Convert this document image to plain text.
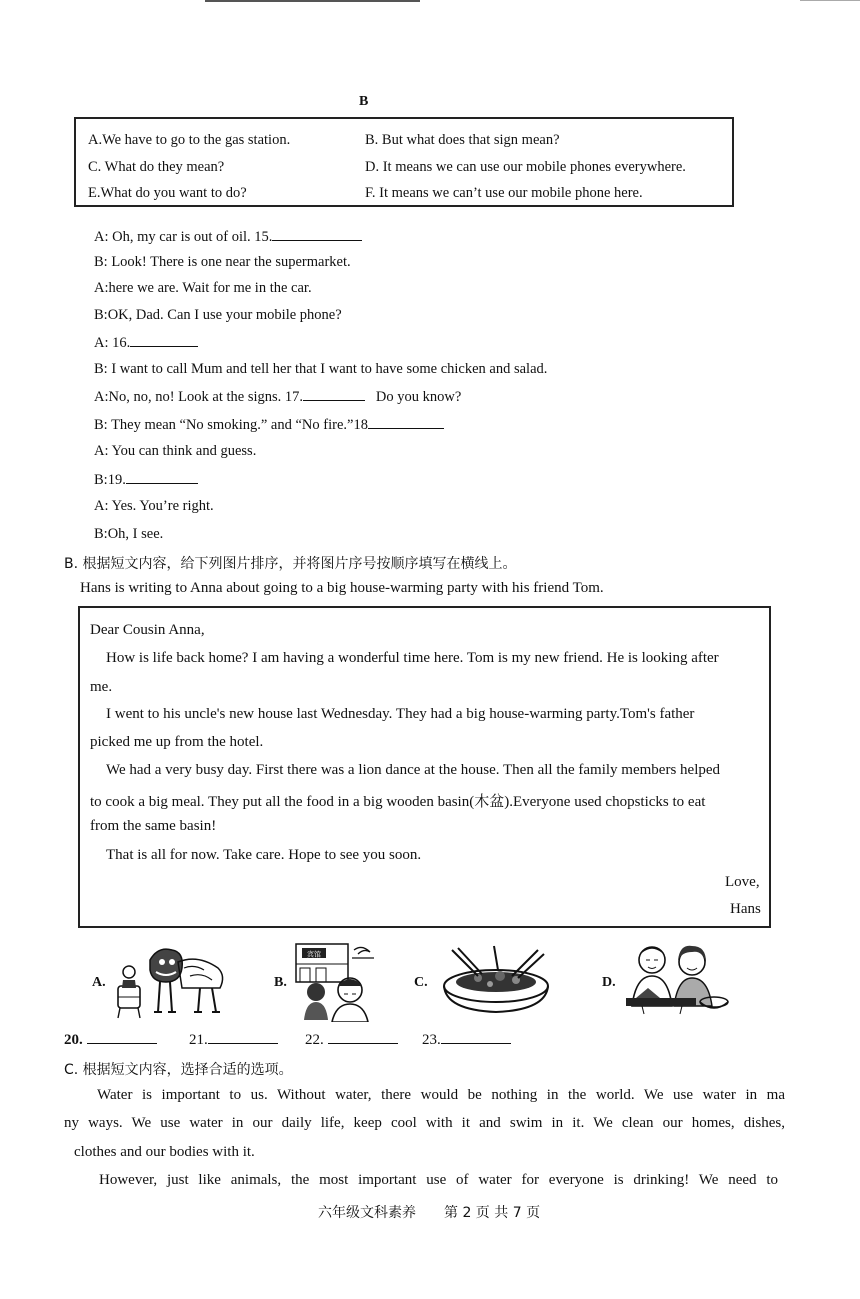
B
A.We have to go to the gas station.	B. But what does that sign mean?
C. What do they mean?	D. It means we can use our mobile phones everywhere.
E.What do you want to do?	F. It means we can’t use our mobile phone here.
A: Oh, my car is out of oil. 15.
B: Look! There is one near the supermarket.
A:here we are. Wait for me in the car.
B:OK, Dad. Can I use your mobile phone?
A: 16.
B: I want to call Mum and tell her that I want to have some chicken and salad.
A:No, no, no! Look at the signs. 17.	Do you know?
B: They mean “No smoking.” and “No fire.”18
A: You can think and guess.
B:19.
A: Yes. You’re right.
B:Oh, I see.
B. 根据短文内容，给下列图片排序，并将图片序号按顺序填写在横线上。
Hans is writing to Anna about going to a big house-warming party with his friend Tom.
Dear Cousin Anna,
How is life back home? I am having a wonderful time here. Tom is my new friend. He is looking after
me.
I went to his uncle's new house last Wednesday. They had a big house-warming party.Tom's father
picked me up from the hotel.
We had a very busy day. First there was a lion dance at the house. Then all the family members helped
to cook a big meal. They put all the food in a big wooden basin(木盆).Everyone used chopsticks to eat
from the same basin!
That is all for now. Take care. Hope to see you soon.
Love,
Hans
A.	B.
宾馆
C.	D.
20.	21.	22.	23.
C. 根据短文内容，选择合适的选项。
Water is important to us. Without water, there would be nothing in the world. We use water in ma
ny ways. We use water in our daily life, keep cool with it and swim in it. We clean our homes, dishes,
clothes and our bodies with it.
However, just like animals, the most important use of water for everyone is drinking! We need to
六年级文科素养　　第 2 页 共 7 页
